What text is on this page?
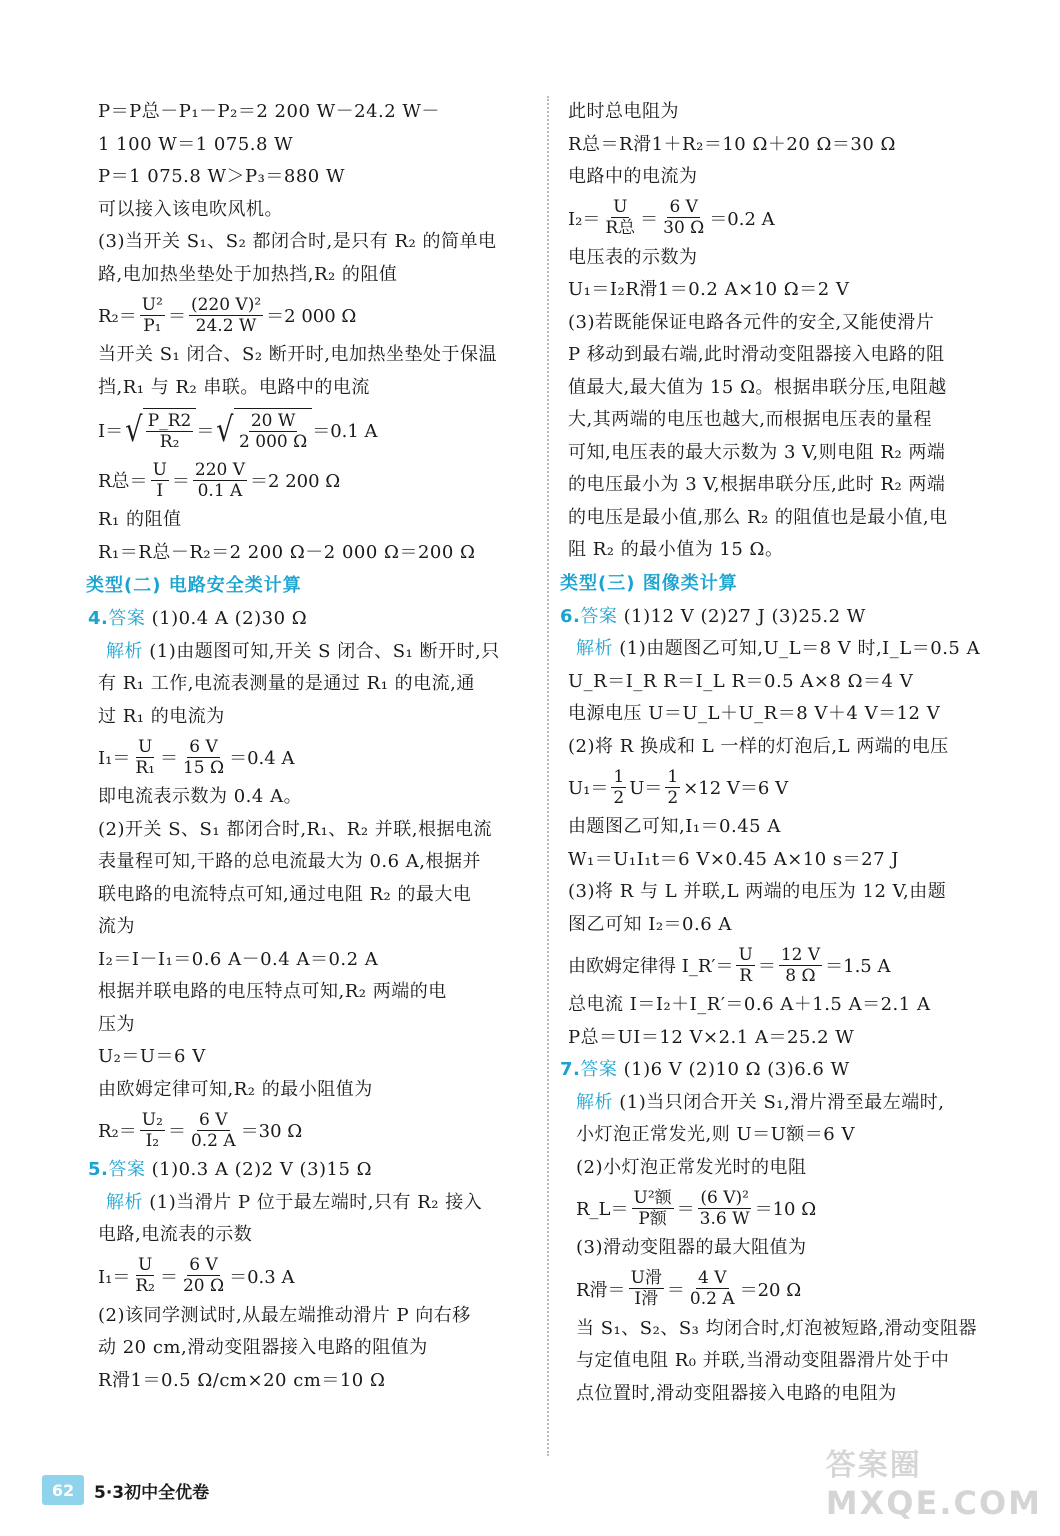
P＝P总－P₁－P₂＝2 200 W－24.2 W－
1 100 W＝1 075.8 W
P＝1 075.8 W＞P₃＝880 W
可以接入该电吹风机。
(3)当开关 S₁、S₂ 都闭合时,是只有 R₂ 的简单电
路,电加热坐垫处于加热挡,R₂ 的阻值
$R_2= \frac{\text{U²}}{\text{P₁}} = \frac{\text{(220 V)²}}{24.2 W} =2$ 000 Ω
当开关 S₁ 闭合、S₂ 断开时,电加热坐垫处于保温
挡,R₁ 与 R₂ 串联。电路中的电流
I＝ √ $\frac{P\_R2}{\text{R₂}}$ ＝ √ $\frac{20 W}{2 000 \Omega} =0.1$ A
R总＝ $\frac{U}{I} = \frac{220 V}{0.1 A} =2$ 200 Ω
R₁ 的阻值
R₁＝R总－R₂＝2 200 Ω－2 000 Ω＝200 Ω
类型(二) 电路安全类计算
4.答案 (1)0.4 A (2)30 Ω
解析 (1)由题图可知,开关 S 闭合、S₁ 断开时,只
有 R₁ 工作,电流表测量的是通过 R₁ 的电流,通
过 R₁ 的电流为
$I_1= \frac{U}{\text{R₁}} = \frac{6 V}{15 \Omega} =0.4$ A
即电流表示数为 0.4 A。
(2)开关 S、S₁ 都闭合时,R₁、R₂ 并联,根据电流
表量程可知,干路的总电流最大为 0.6 A,根据并
联电路的电流特点可知,通过电阻 R₂ 的最大电
流为
I₂＝I－I₁＝0.6 A－0.4 A＝0.2 A
根据并联电路的电压特点可知,R₂ 两端的电
压为
U₂＝U＝6 V
由欧姆定律可知,R₂ 的最小阻值为
$R_2= \frac{\text{U₂}}{\text{I₂}} = \frac{6 V}{0.2 A} =30$ Ω
5.答案 (1)0.3 A (2)2 V (3)15 Ω
解析 (1)当滑片 P 位于最左端时,只有 R₂ 接入
电路,电流表的示数
$I_1= \frac{U}{\text{R₂}} = \frac{6 V}{20 \Omega} =0.3$ A
(2)该同学测试时,从最左端推动滑片 P 向右移
动 20 cm,滑动变阻器接入电路的阻值为
R滑1＝0.5 Ω/cm×20 cm＝10 Ω
此时总电阻为
R总＝R滑1＋R₂＝10 Ω＋20 Ω＝30 Ω
电路中的电流为
$I_2= \frac{U}{\text{R总}} = \frac{6 V}{30 \Omega} =0.2$ A
电压表的示数为
U₁＝I₂R滑1＝0.2 A×10 Ω＝2 V
(3)若既能保证电路各元件的安全,又能使滑片
P 移动到最右端,此时滑动变阻器接入电路的阻
值最大,最大值为 15 Ω。根据串联分压,电阻越
大,其两端的电压也越大,而根据电压表的量程
可知,电压表的最大示数为 3 V,则电阻 R₂ 两端
的电压最小为 3 V,根据串联分压,此时 R₂ 两端
的电压是最小值,那么 R₂ 的阻值也是最小值,电
阻 R₂ 的最小值为 15 Ω。
类型(三) 图像类计算
6.答案 (1)12 V (2)27 J (3)25.2 W
解析 (1)由题图乙可知,U_L＝8 V 时,I_L＝0.5 A
U_R＝I_R R＝I_L R＝0.5 A×8 Ω＝4 V
电源电压 U＝U_L＋U_R＝8 V＋4 V＝12 V
(2)将 R 换成和 L 一样的灯泡后,L 两端的电压
$U_1= \frac{1}{2} U= \frac{1}{2} \times 12$ V＝6 V
由题图乙可知,I₁＝0.45 A
W₁＝U₁I₁t＝6 V×0.45 A×10 s＝27 J
(3)将 R 与 L 并联,L 两端的电压为 12 V,由题
图乙可知 I₂＝0.6 A
由欧姆定律得 I_R′＝ $\frac{U}{R} = \frac{12 V}{8 \Omega} =1.5$ A
总电流 I＝I₂＋I_R′＝0.6 A＋1.5 A＝2.1 A
P总＝UI＝12 V×2.1 A＝25.2 W
7.答案 (1)6 V (2)10 Ω (3)6.6 W
解析 (1)当只闭合开关 S₁,滑片滑至最左端时,
小灯泡正常发光,则 U＝U额＝6 V
(2)小灯泡正常发光时的电阻
R_L＝ $\frac{\text{U²额}}{\text{P额}} = \frac{\text{(6 V)²}}{3.6 W} =10$ Ω
(3)滑动变阻器的最大阻值为
R滑＝ $\frac{\text{U滑}}{\text{I滑}} = \frac{4 V}{0.2 A} =20$ Ω
当 S₁、S₂、S₃ 均闭合时,灯泡被短路,滑动变阻器
与定值电阻 R₀ 并联,当滑动变阻器滑片处于中
点位置时,滑动变阻器接入电路的电阻为
62	5·3初中全优卷
答案圈
MXQE.COM
